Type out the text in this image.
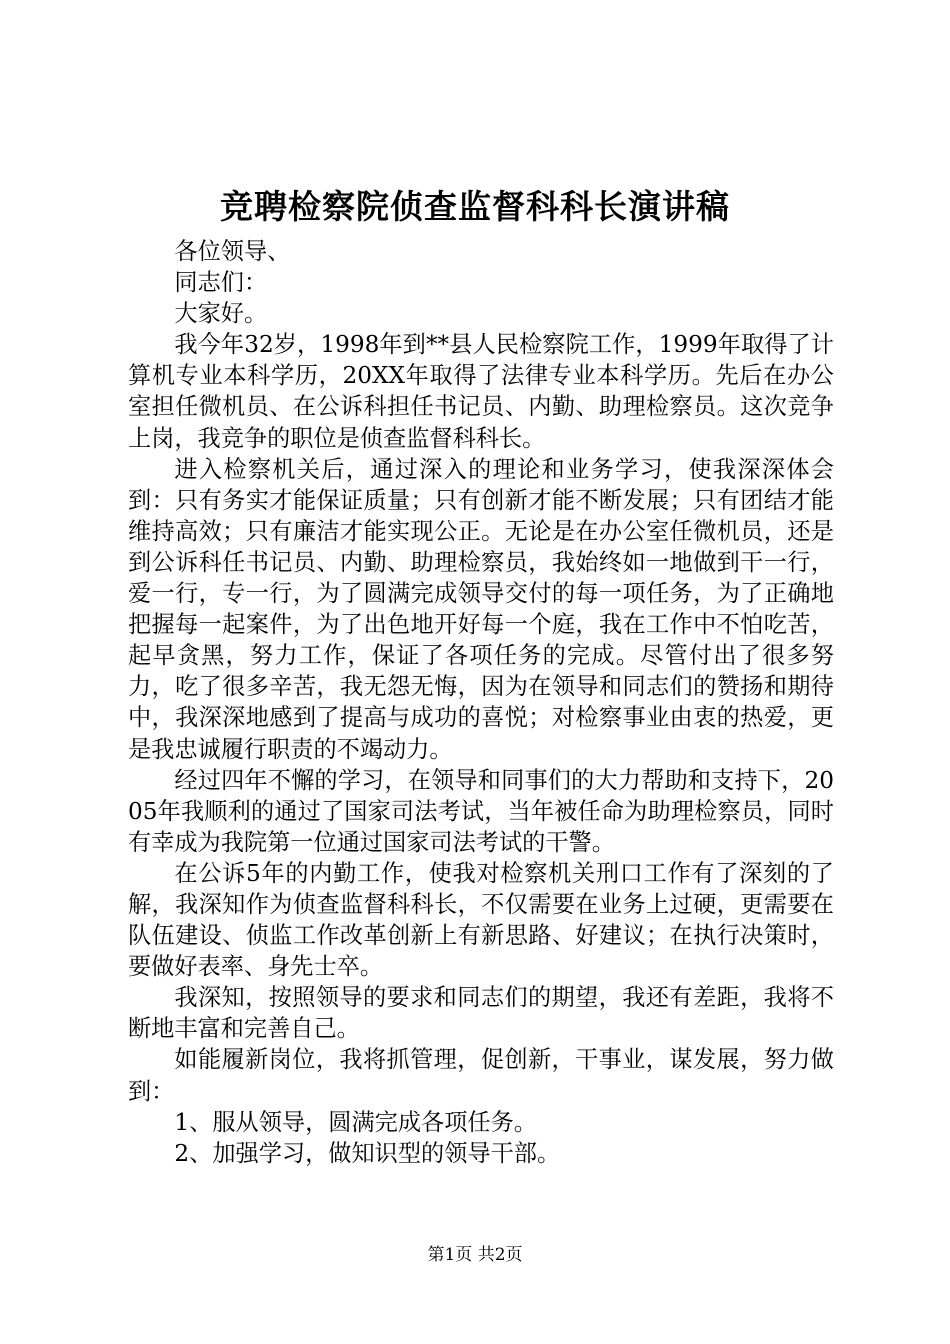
竞聘检察院侦查监督科科长演讲稿

各位领导、

同志们：

大家好。

我今年32岁，1998年到**县人民检察院工作，1999年取得了计算机专业本科学历，20XX年取得了法律专业本科学历。先后在办公室担任微机员、在公诉科担任书记员、内勤、助理检察员。这次竞争上岗，我竞争的职位是侦查监督科科长。

进入检察机关后，通过深入的理论和业务学习，使我深深体会到：只有务实才能保证质量；只有创新才能不断发展；只有团结才能维持高效；只有廉洁才能实现公正。无论是在办公室任微机员，还是到公诉科任书记员、内勤、助理检察员，我始终如一地做到干一行，爱一行，专一行，为了圆满完成领导交付的每一项任务，为了正确地把握每一起案件，为了出色地开好每一个庭，我在工作中不怕吃苦，起早贪黑，努力工作，保证了各项任务的完成。尽管付出了很多努力，吃了很多辛苦，我无怨无悔，因为在领导和同志们的赞扬和期待中，我深深地感到了提高与成功的喜悦；对检察事业由衷的热爱，更是我忠诚履行职责的不竭动力。

经过四年不懈的学习，在领导和同事们的大力帮助和支持下，2005年我顺利的通过了国家司法考试，当年被任命为助理检察员，同时有幸成为我院第一位通过国家司法考试的干警。

在公诉5年的内勤工作，使我对检察机关刑口工作有了深刻的了解，我深知作为侦查监督科科长，不仅需要在业务上过硬，更需要在队伍建设、侦监工作改革创新上有新思路、好建议；在执行决策时，要做好表率、身先士卒。

我深知，按照领导的要求和同志们的期望，我还有差距，我将不断地丰富和完善自己。

如能履新岗位，我将抓管理，促创新，干事业，谋发展，努力做到：

1、服从领导，圆满完成各项任务。

2、加强学习，做知识型的领导干部。

第1页 共2页
